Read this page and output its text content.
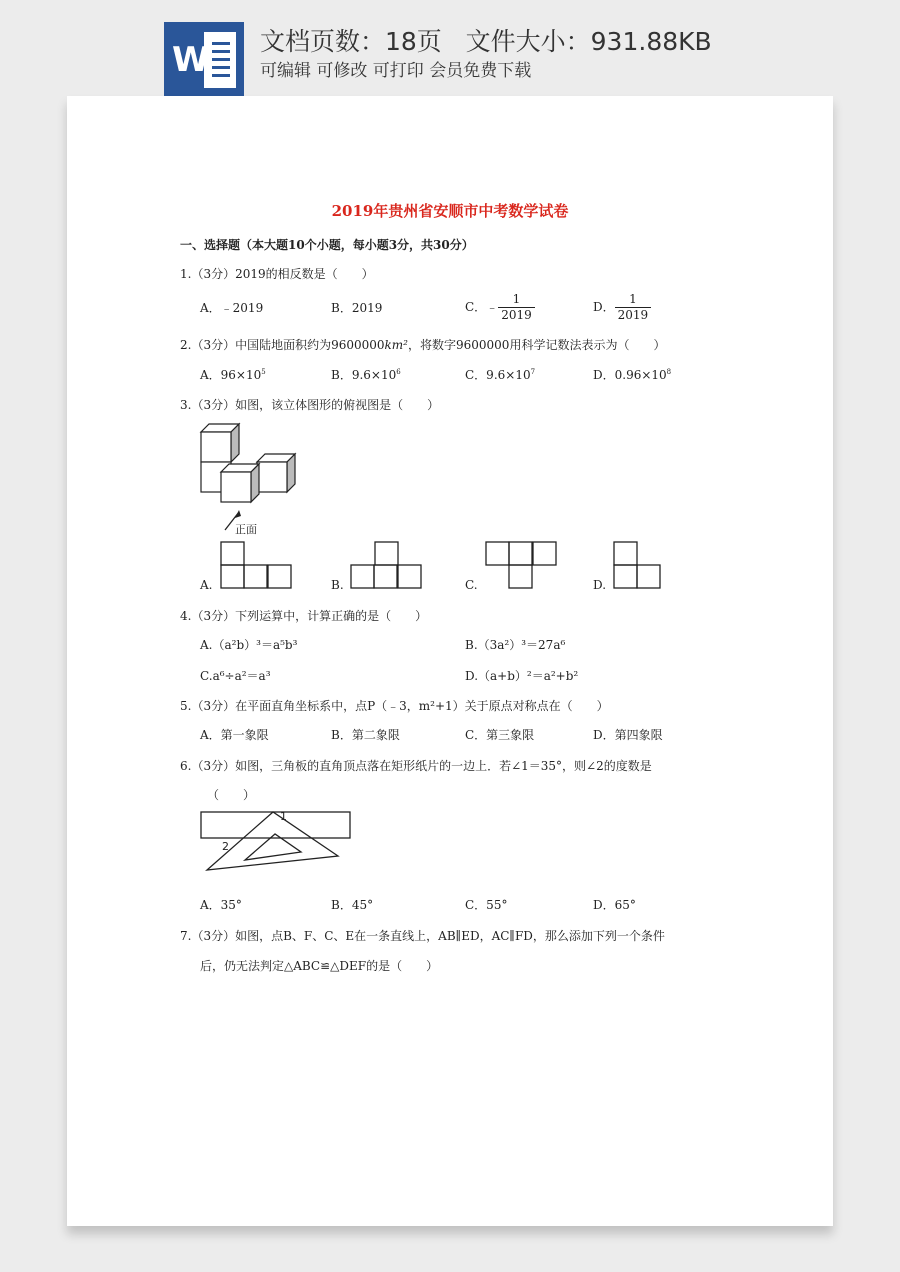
W 文档页数：18页   文件大小：931.88KB
可编辑 可修改 可打印 会员免费下载
2019年贵州省安顺市中考数学试卷
一、选择题（本大题10个小题，每小题3分，共30分）
1.（3分）2019的相反数是（　　）
A．﹣2019	B．2019	C．﹣ $\frac{1}{2019}$	D． $\frac{1}{2019}$
2.（3分）中国陆地面积约为9600000km²，将数字9600000用科学记数法表示为（　　）
A．$96\times 10^5$	B．$9.6\times 10^6$	C．$9.6\times 10^7$	D．$0.96\times 10^8$
3.（3分）如图，该立体图形的俯视图是（　　）
正面
A.	B.	C.	D.
4.（3分）下列运算中，计算正确的是（　　）
A.（a²b）³＝a⁵b³	B.（3a²）³＝27a⁶
C.a⁶÷a²＝a³	D.（a+b）²＝a²+b²
5.（3分）在平面直角坐标系中，点P（﹣3，m²+1）关于原点对称点在（　　）
A．第一象限	B．第二象限	C．第三象限	D．第四象限
6.（3分）如图，三角板的直角顶点落在矩形纸片的一边上．若∠1＝35°，则∠2的度数是
（　　）
1
2
A．35°	B．45°	C．55°	D．65°
7.（3分）如图，点B、F、C、E在一条直线上，AB∥ED，AC∥FD，那么添加下列一个条件
后，仍无法判定△ABC≌△DEF的是（　　）
